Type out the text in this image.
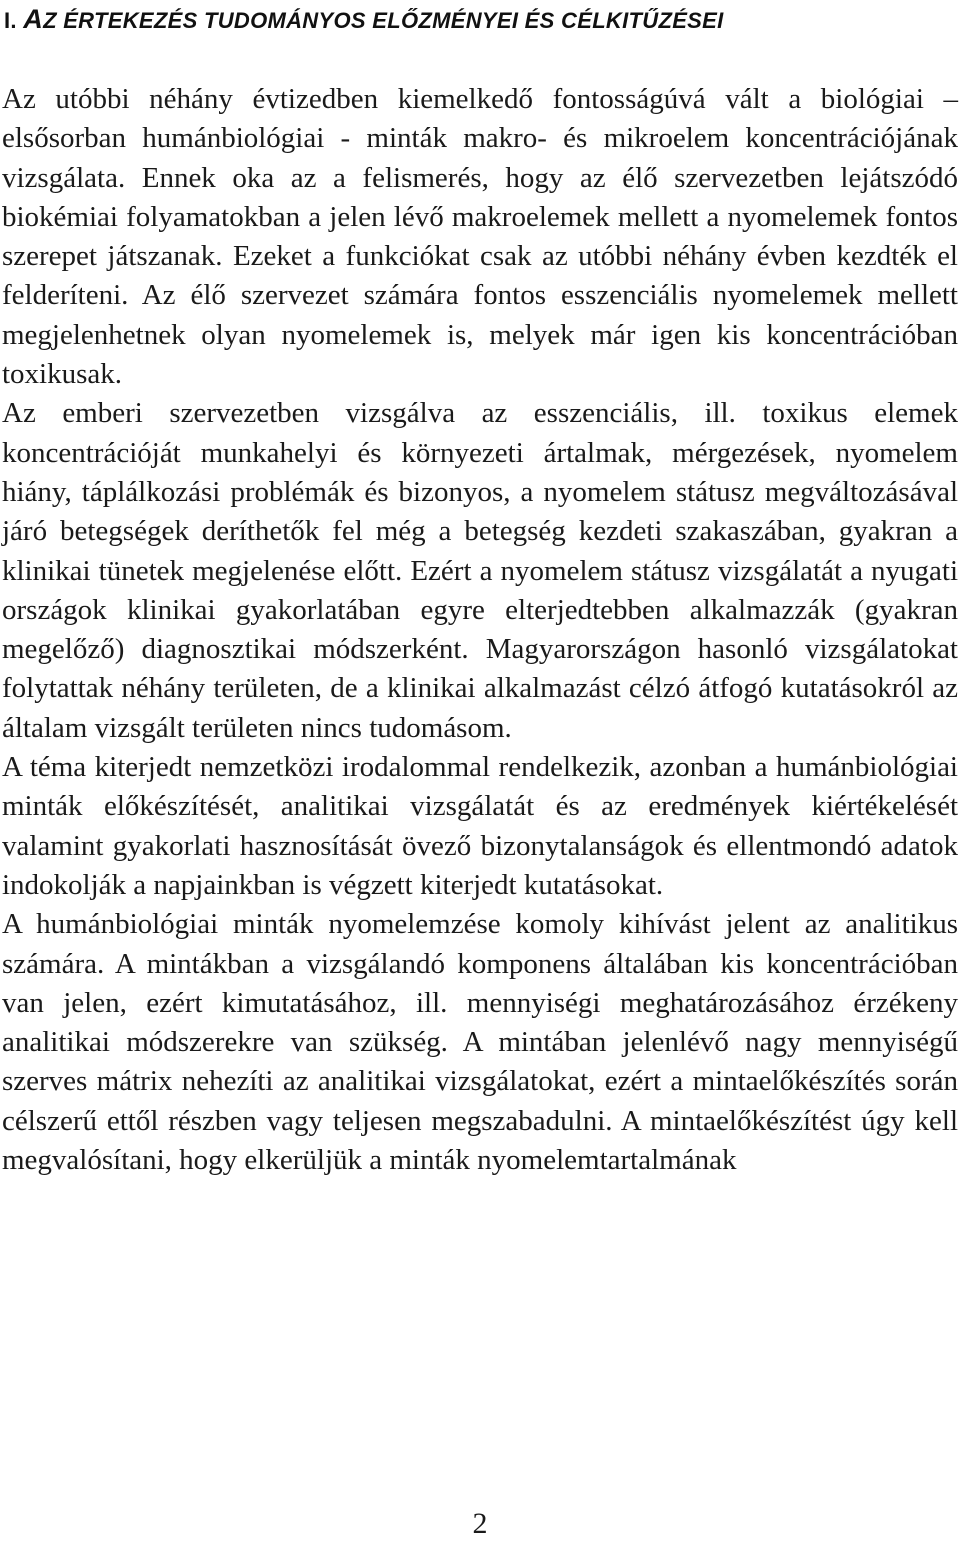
I. AZ ÉRTEKEZÉS TUDOMÁNYOS ELŐZMÉNYEI ÉS CÉLKITŰZÉSEI

Az utóbbi néhány évtizedben kiemelkedő fontosságúvá vált a biológiai – elsősorban humánbiológiai - minták makro- és mikroelem koncentrációjának vizsgálata. Ennek oka az a felismerés, hogy az élő szervezetben lejátszódó biokémiai folyamatokban a jelen lévő makroelemek mellett a nyomelemek fontos szerepet játszanak. Ezeket a funkciókat csak az utóbbi néhány évben kezdték el felderíteni. Az élő szervezet számára fontos esszenciális nyomelemek mellett megjelenhetnek olyan nyomelemek is, melyek már igen kis koncentrációban toxikusak.

Az emberi szervezetben vizsgálva az esszenciális, ill. toxikus elemek koncentrációját munkahelyi és környezeti ártalmak, mérgezések, nyomelem hiány, táplálkozási problémák és bizonyos, a nyomelem státusz megváltozásával járó betegségek deríthetők fel még a betegség kezdeti szakaszában, gyakran a klinikai tünetek megjelenése előtt. Ezért a nyomelem státusz vizsgálatát a nyugati országok klinikai gyakorlatában egyre elterjedtebben alkalmazzák (gyakran megelőző) diagnosztikai módszerként. Magyarországon hasonló vizsgálatokat folytattak néhány területen, de a klinikai alkalmazást célzó átfogó kutatásokról az általam vizsgált területen nincs tudomásom.

A téma kiterjedt nemzetközi irodalommal rendelkezik, azonban a humánbiológiai minták előkészítését, analitikai vizsgálatát és az eredmények kiértékelését valamint gyakorlati hasznosítását övező bizonytalanságok és ellentmondó adatok indokolják a napjainkban is végzett kiterjedt kutatásokat.

A humánbiológiai minták nyomelemzése komoly kihívást jelent az analitikus számára. A mintákban a vizsgálandó komponens általában kis koncentrációban van jelen, ezért kimutatásához, ill. mennyiségi meghatározásához érzékeny analitikai módszerekre van szükség. A mintában jelenlévő nagy mennyiségű szerves mátrix nehezíti az analitikai vizsgálatokat, ezért a mintaelőkészítés során célszerű ettől részben vagy teljesen megszabadulni. A mintaelőkészítést úgy kell megvalósítani, hogy elkerüljük a minták nyomelemtartalmának

2
